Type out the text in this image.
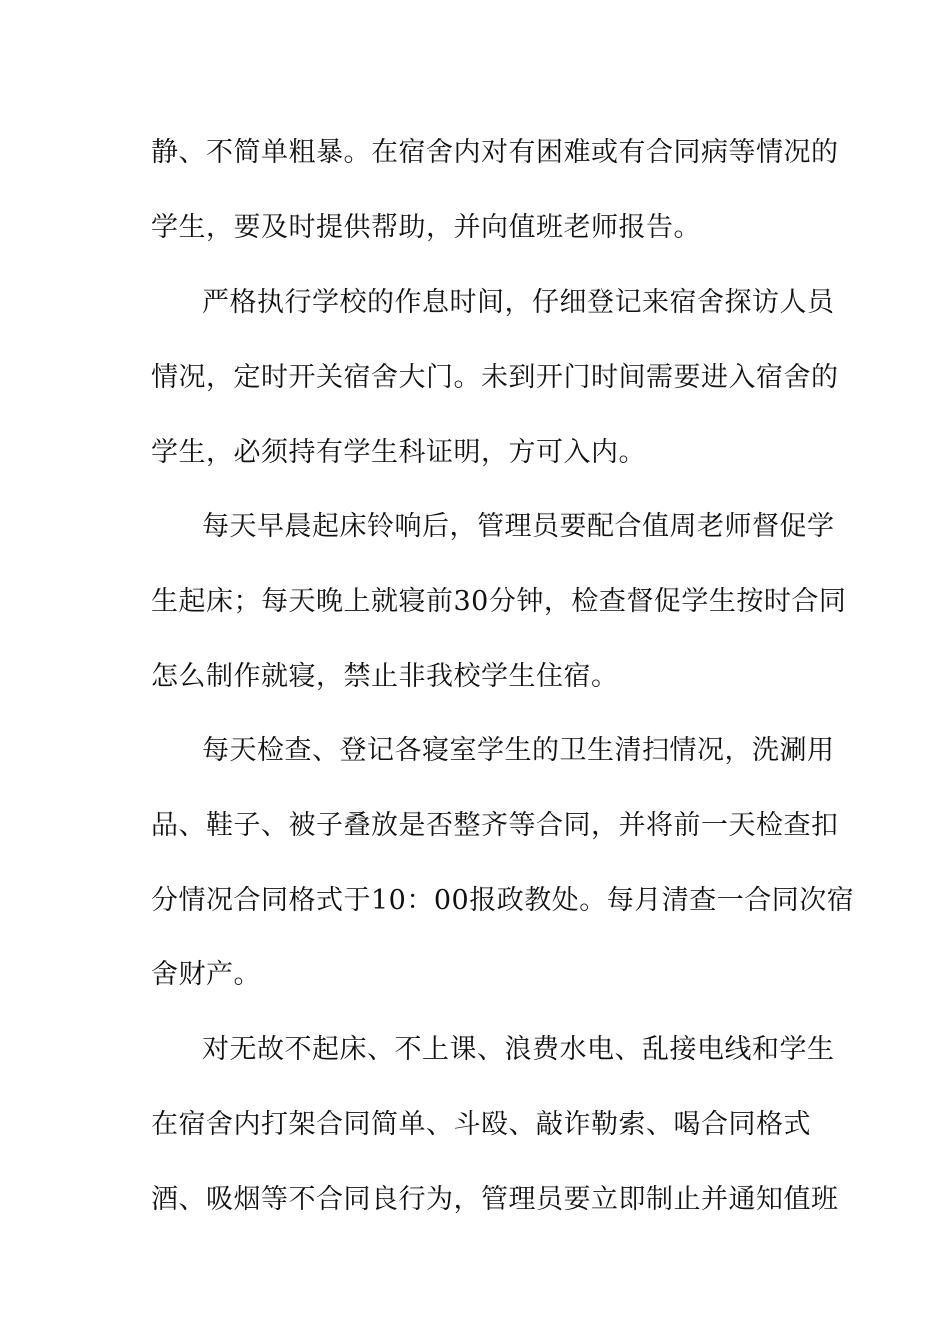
静、不简单粗暴。在宿舍内对有困难或有合同病等情况的
学生，要及时提供帮助，并向值班老师报告。
严格执行学校的作息时间，仔细登记来宿舍探访人员
情况，定时开关宿舍大门。未到开门时间需要进入宿舍的
学生，必须持有学生科证明，方可入内。
每天早晨起床铃响后，管理员要配合值周老师督促学
生起床；每天晚上就寝前30分钟，检查督促学生按时合同
怎么制作就寝，禁止非我校学生住宿。
每天检查、登记各寝室学生的卫生清扫情况，洗涮用
品、鞋子、被子叠放是否整齐等合同，并将前一天检查扣
分情况合同格式于10：00报政教处。每月清查一合同次宿
舍财产。
对无故不起床、不上课、浪费水电、乱接电线和学生
在宿舍内打架合同简单、斗殴、敲诈勒索、喝合同格式
酒、吸烟等不合同良行为，管理员要立即制止并通知值班
